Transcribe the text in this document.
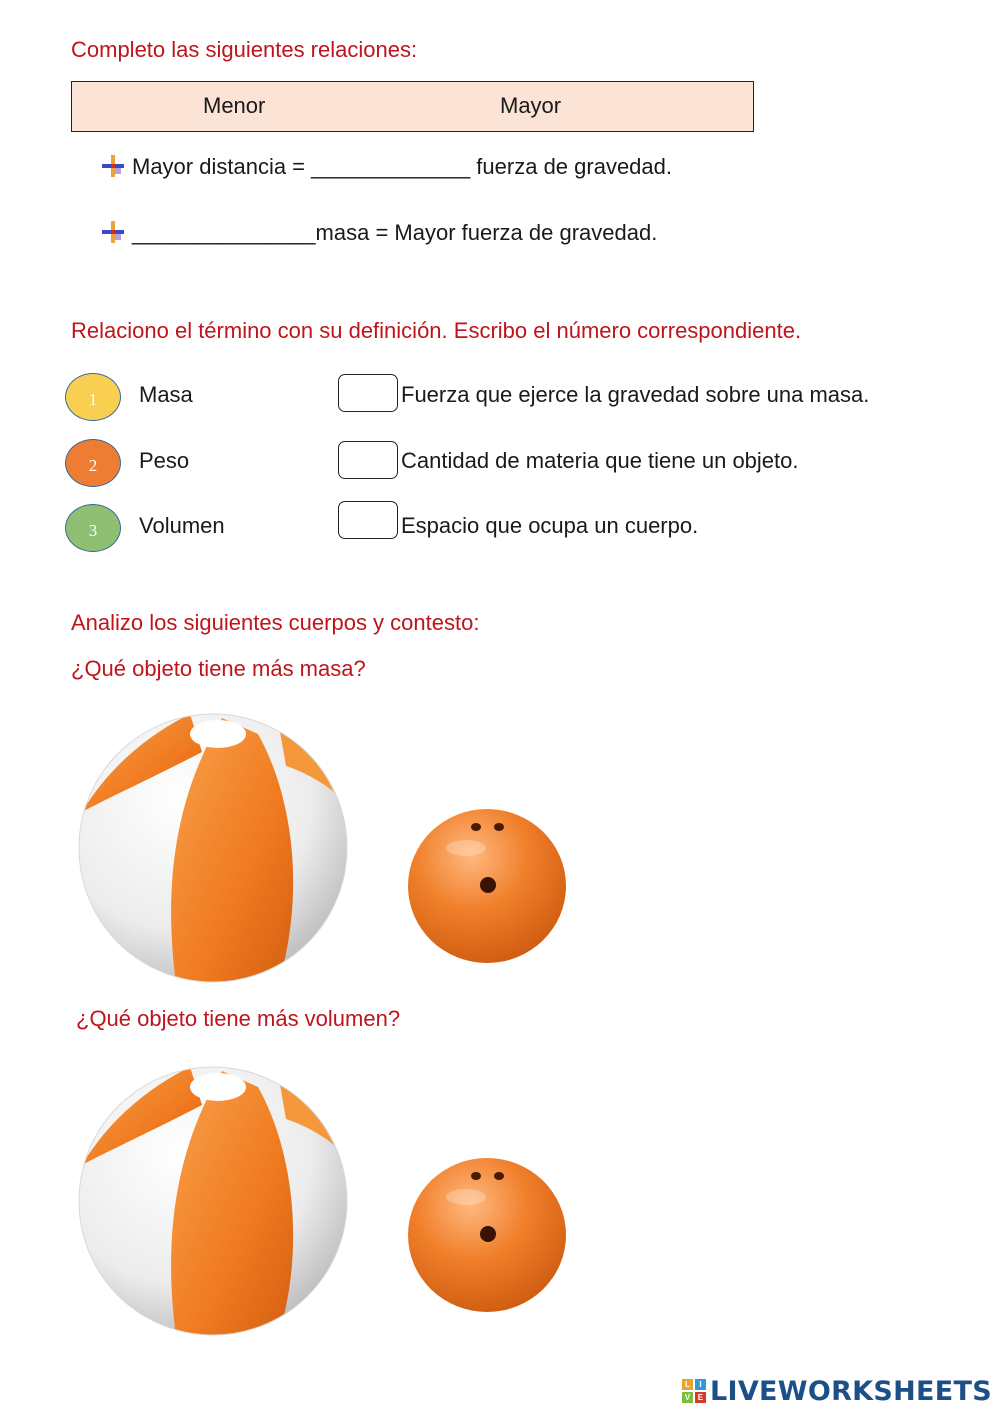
Completo las siguientes relaciones:
Menor	Mayor
Mayor distancia = _____________ fuerza de gravedad.
_______________masa = Mayor fuerza de gravedad.
Relaciono el término con su definición. Escribo el número correspondiente.
1	Masa	Fuerza que ejerce la gravedad sobre una masa.
2	Peso	Cantidad de materia que tiene un objeto.
3	Volumen	Espacio que ocupa un cuerpo.
Analizo los siguientes cuerpos y contesto:
¿Qué objeto tiene más masa?
¿Qué objeto tiene más volumen?
L	I
V E LIVEWORKSHEETS
